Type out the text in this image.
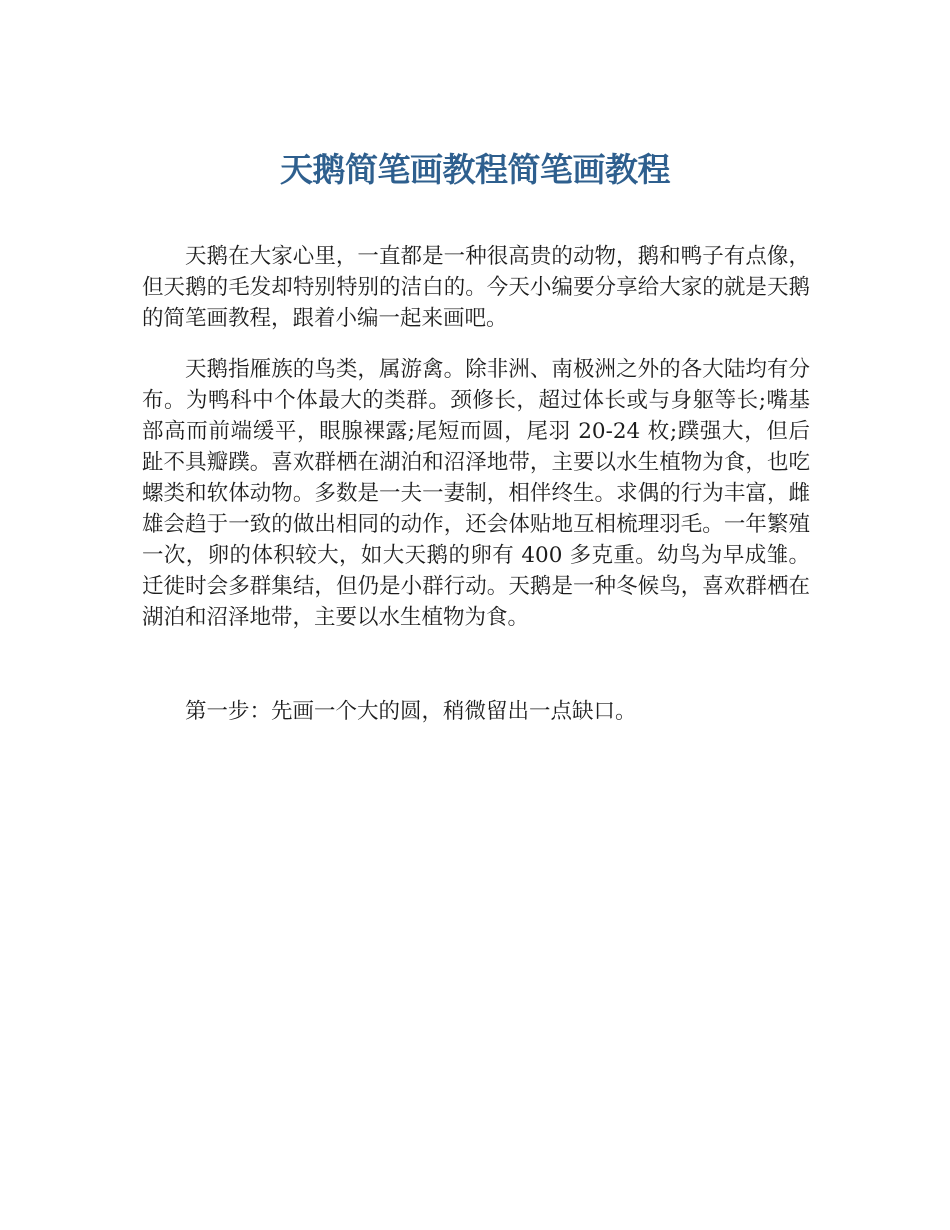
天鹅简笔画教程简笔画教程

天鹅在大家心里，一直都是一种很高贵的动物，鹅和鸭子有点像，但天鹅的毛发却特别特别的洁白的。今天小编要分享给大家的就是天鹅的简笔画教程，跟着小编一起来画吧。

天鹅指雁族的鸟类，属游禽。除非洲、南极洲之外的各大陆均有分布。为鸭科中个体最大的类群。颈修长，超过体长或与身躯等长;嘴基部高而前端缓平，眼腺裸露;尾短而圆，尾羽 20-24 枚;蹼强大，但后趾不具瓣蹼。喜欢群栖在湖泊和沼泽地带，主要以水生植物为食，也吃螺类和软体动物。多数是一夫一妻制，相伴终生。求偶的行为丰富，雌雄会趋于一致的做出相同的动作，还会体贴地互相梳理羽毛。一年繁殖一次，卵的体积较大，如大天鹅的卵有 400 多克重。幼鸟为早成雏。迁徙时会多群集结，但仍是小群行动。天鹅是一种冬候鸟，喜欢群栖在湖泊和沼泽地带，主要以水生植物为食。

第一步：先画一个大的圆，稍微留出一点缺口。
